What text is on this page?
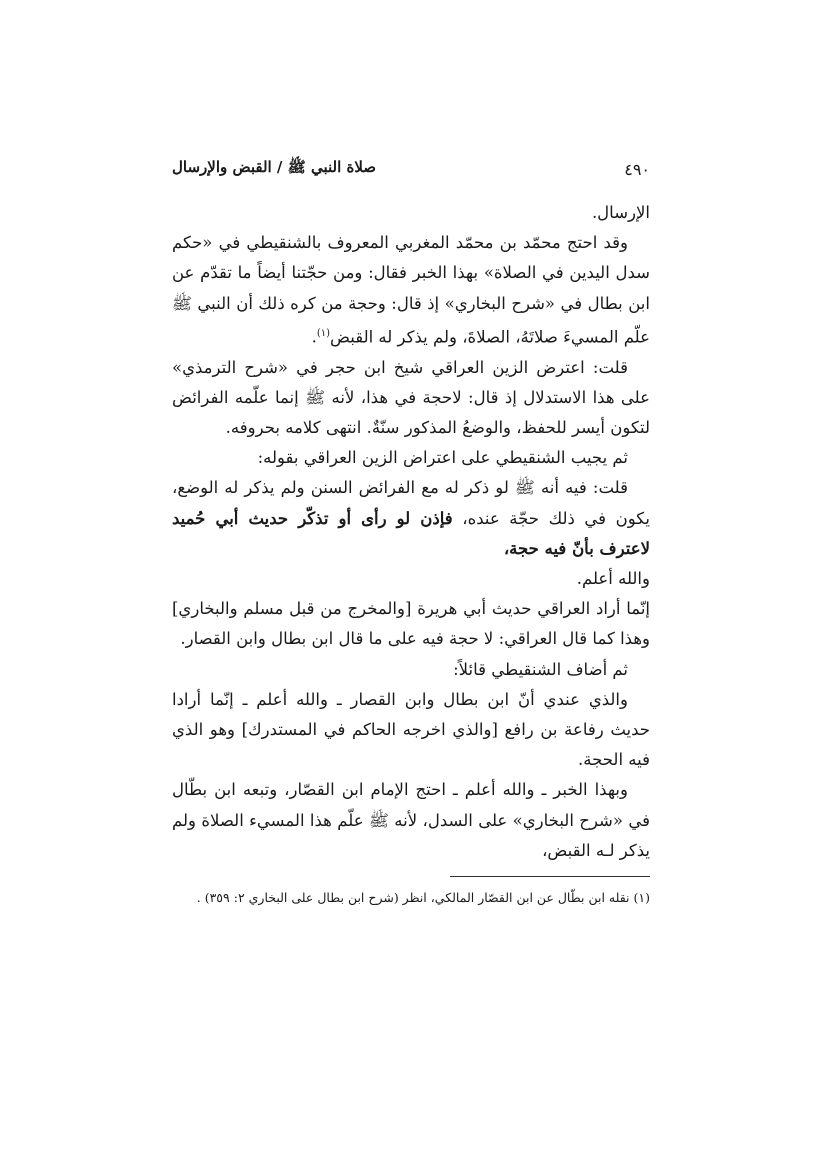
٤٩٠
صلاة النبي ﷺ / القبض والإرسال

الإرسال.

وقد احتج محمّد بن محمّد المغربي المعروف بالشنقيطي في «حكم سدل اليدين في الصلاة» بهذا الخبر فقال: ومن حجّتنا أيضاً ما تقدّم عن ابن بطال في «شرح البخاري» إذ قال: وحجة من كره ذلك أن النبي ﷺ علّم المسيءَ صلاتَهُ، الصلاةَ، ولم يذكر له القبض$^{(١)}$.

قلت: اعترض الزين العراقي شيخ ابن حجر في «شرح الترمذي» على هذا الاستدلال إذ قال: لاحجة في هذا، لأنه ﷺ إنما علّمه الفرائض لتكون أيسر للحفظ، والوضعُ المذكور سنّةٌ. انتهى كلامه بحروفه.

ثم يجيب الشنقيطي على اعتراض الزين العراقي بقوله:

قلت: فيه أنه ﷺ لو ذكر له مع الفرائض السنن ولم يذكر له الوضع، يكون في ذلك حجّة عنده، فإذن لو رأى أو تذكّر حديث أبي حُميد لاعترف بأنّ فيه حجة،

والله أعلم.

إنّما أراد العراقي حديث أبي هريرة [والمخرج من قبل مسلم والبخاري] وهذا كما قال العراقي: لا حجة فيه على ما قال ابن بطال وابن القصار.

ثم أضاف الشنقيطي قائلاً:

والذي عندي أنّ ابن بطال وابن القصار ـ والله أعلم ـ إنّما أرادا حديث رفاعة بن رافع [والذي اخرجه الحاكم في المستدرك] وهو الذي فيه الحجة.

وبهذا الخبر ـ والله أعلم ـ احتج الإمام ابن القصّار، وتبعه ابن بطّال في «شرح البخاري» على السدل، لأنه ﷺ علّم هذا المسيء الصلاة ولم يذكر لـه القبض،

(١) نقله ابن بطّال عن ابن القصّار المالكي، انظر (شرح ابن بطال على البخاري ٢: ٣٥٩) .
